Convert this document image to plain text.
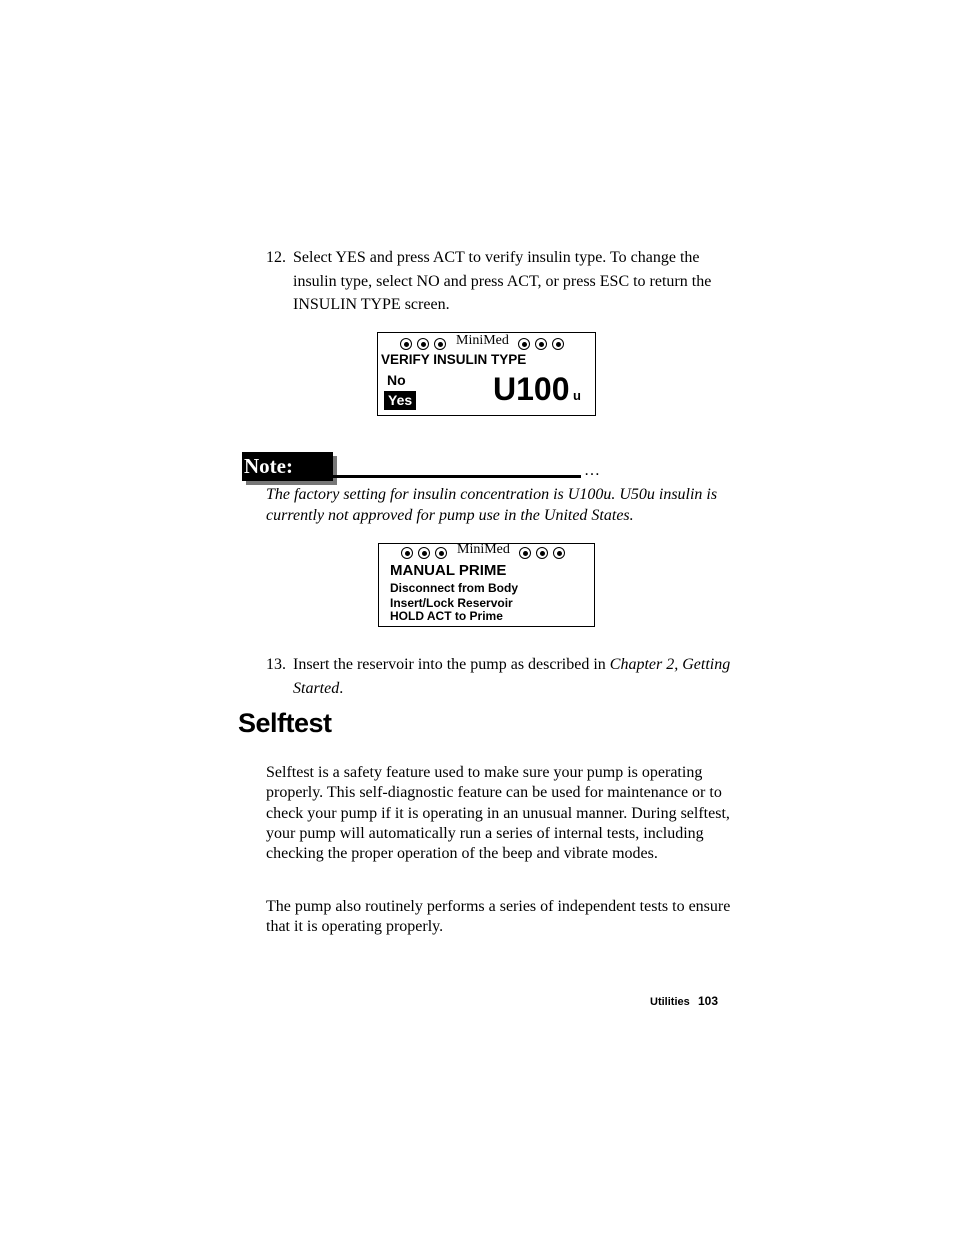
12. Select YES and press ACT to verify insulin type. To change the insulin type, select NO and press ACT, or press ESC to return the INSULIN TYPE screen.
MiniMed
VERIFY INSULIN TYPE
No
Yes	U100 u
Note:	…
The factory setting for insulin concentration is U100u. U50u insulin is currently not approved for pump use in the United States.
MiniMed
MANUAL PRIME
Disconnect from Body
Insert/Lock Reservoir
HOLD ACT to Prime
13. Insert the reservoir into the pump as described in Chapter 2, Getting Started.
Selftest

Selftest is a safety feature used to make sure your pump is operating properly. This self-diagnostic feature can be used for maintenance or to check your pump if it is operating in an unusual manner. During selftest, your pump will automatically run a series of internal tests, including checking the proper operation of the beep and vibrate modes.

The pump also routinely performs a series of independent tests to ensure that it is operating properly.

Utilities 103
